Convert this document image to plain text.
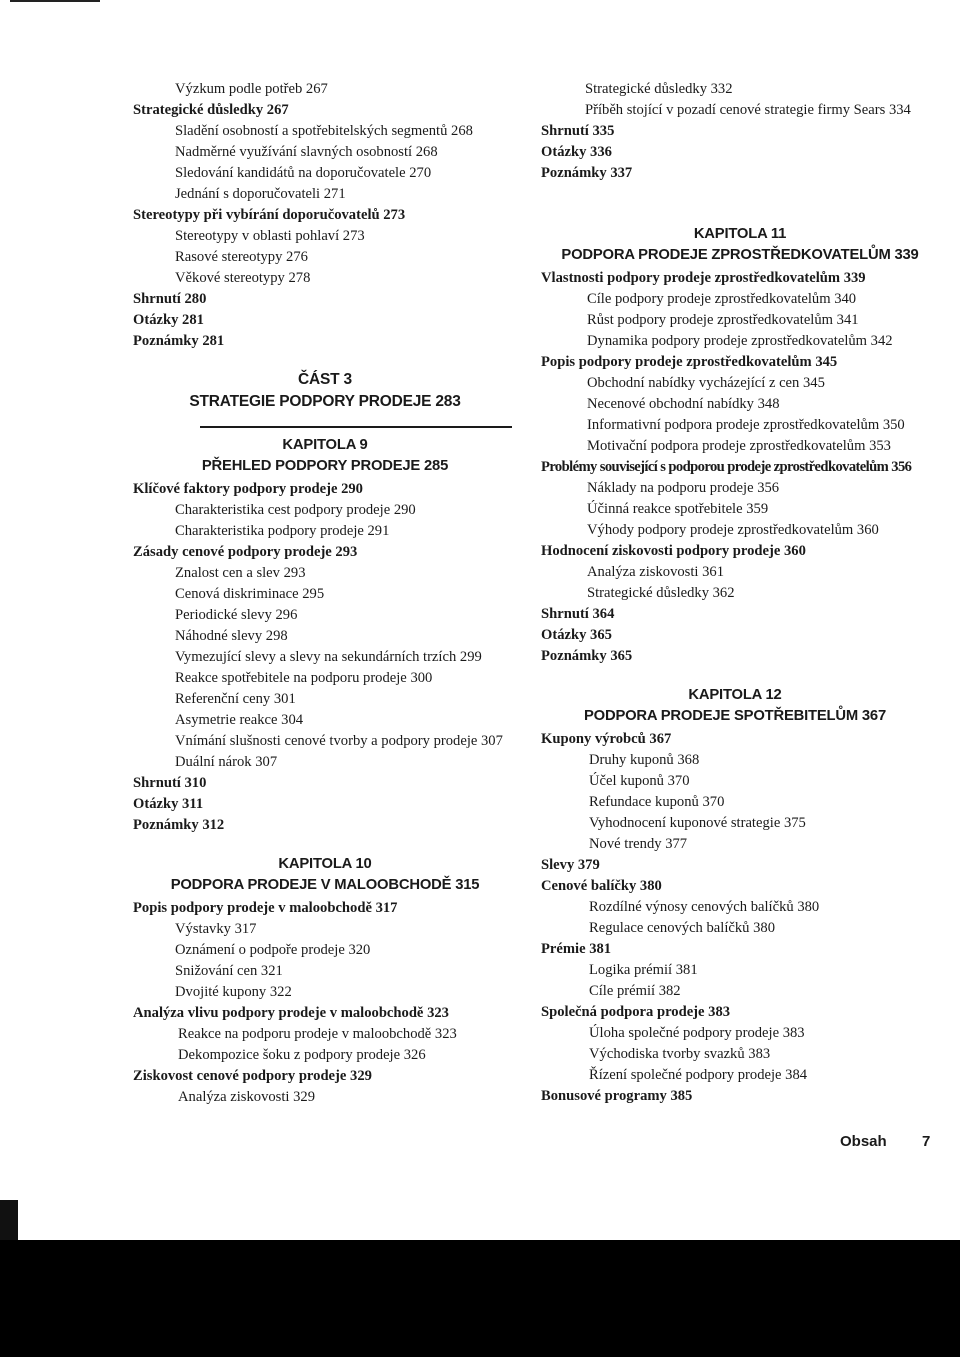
Výzkum podle potřeb 267
Strategické důsledky 267
Sladění osobností a spotřebitelských segmentů 268
Nadměrné využívání slavných osobností 268
Sledování kandidátů na doporučovatele 270
Jednání s doporučovateli 271
Stereotypy při vybírání doporučovatelů 273
Stereotypy v oblasti pohlaví 273
Rasové stereotypy 276
Věkové stereotypy 278
Shrnutí 280
Otázky 281
Poznámky 281
ČÁST 3
STRATEGIE PODPORY PRODEJE 283
KAPITOLA 9
PŘEHLED PODPORY PRODEJE 285
Klíčové faktory podpory prodeje 290
Charakteristika cest podpory prodeje 290
Charakteristika podpory prodeje 291
Zásady cenové podpory prodeje 293
Znalost cen a slev 293
Cenová diskriminace 295
Periodické slevy 296
Náhodné slevy 298
Vymezující slevy a slevy na sekundárních trzích 299
Reakce spotřebitele na podporu prodeje 300
Referenční ceny 301
Asymetrie reakce 304
Vnímání slušnosti cenové tvorby a podpory prodeje 307
Duální nárok 307
Shrnutí 310
Otázky 311
Poznámky 312
KAPITOLA 10
PODPORA PRODEJE V MALOOBCHODĚ 315
Popis podpory prodeje v maloobchodě 317
Výstavky 317
Oznámení o podpoře prodeje 320
Snižování cen 321
Dvojité kupony 322
Analýza vlivu podpory prodeje v maloobchodě 323
Reakce na podporu prodeje v maloobchodě 323
Dekompozice šoku z podpory prodeje 326
Ziskovost cenové podpory prodeje 329
Analýza ziskovosti 329
Strategické důsledky 332
Příběh stojící v pozadí cenové strategie firmy Sears 334
Shrnutí 335
Otázky 336
Poznámky 337
KAPITOLA 11
PODPORA PRODEJE ZPROSTŘEDKOVATELŮM 339
Vlastnosti podpory prodeje zprostředkovatelům 339
Cíle podpory prodeje zprostředkovatelům 340
Růst podpory prodeje zprostředkovatelům 341
Dynamika podpory prodeje zprostředkovatelům 342
Popis podpory prodeje zprostředkovatelům 345
Obchodní nabídky vycházející z cen 345
Necenové obchodní nabídky 348
Informativní podpora prodeje zprostředkovatelům 350
Motivační podpora prodeje zprostředkovatelům 353
Problémy související s podporou prodeje zprostředkovatelům 356
Náklady na podporu prodeje 356
Účinná reakce spotřebitele 359
Výhody podpory prodeje zprostředkovatelům 360
Hodnocení ziskovosti podpory prodeje 360
Analýza ziskovosti 361
Strategické důsledky 362
Shrnutí 364
Otázky 365
Poznámky 365
KAPITOLA 12
PODPORA PRODEJE SPOTŘEBITELŮM 367
Kupony výrobců 367
Druhy kuponů 368
Účel kuponů 370
Refundace kuponů 370
Vyhodnocení kuponové strategie 375
Nové trendy 377
Slevy 379
Cenové balíčky 380
Rozdílné výnosy cenových balíčků 380
Regulace cenových balíčků 380
Prémie 381
Logika prémií 381
Cíle prémií 382
Společná podpora prodeje 383
Úloha společné podpory prodeje 383
Východiska tvorby svazků 383
Řízení společné podpory prodeje 384
Bonusové programy 385
Obsah 7
